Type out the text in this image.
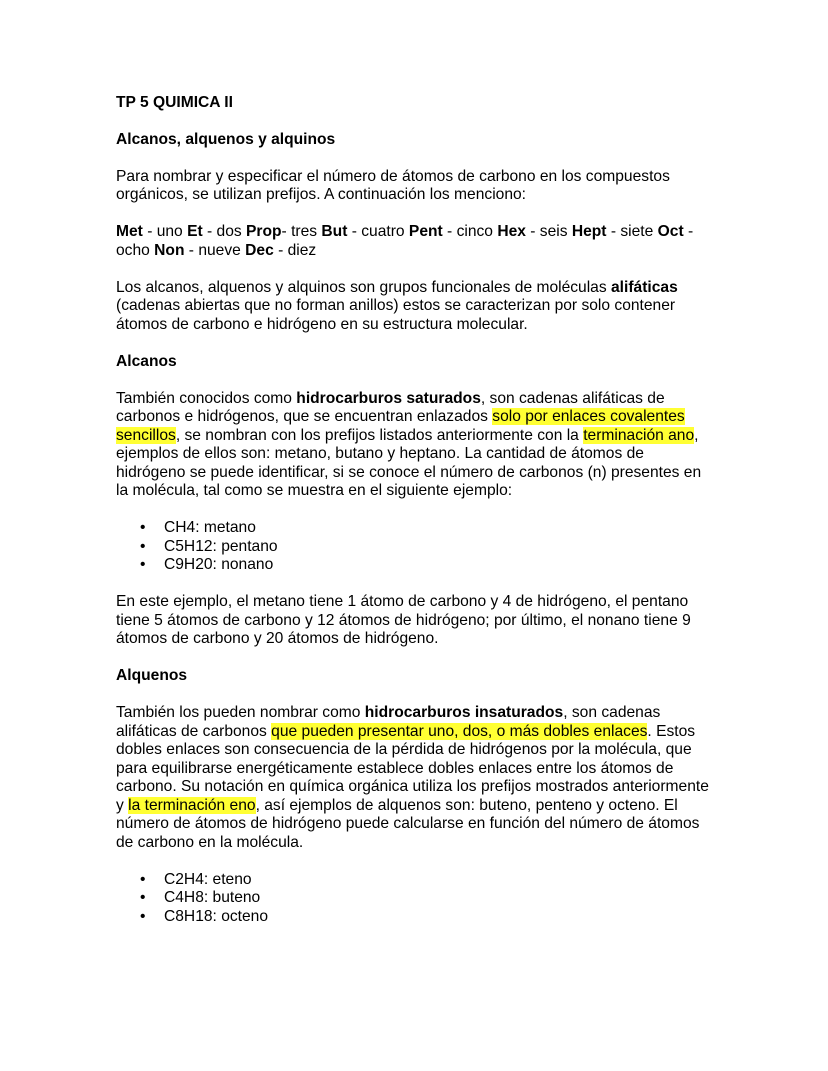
TP 5 QUIMICA II

Alcanos, alquenos y alquinos

Para nombrar y especificar el número de átomos de carbono en los compuestos orgánicos, se utilizan prefijos. A continuación los menciono:

Met - uno Et - dos Prop- tres But - cuatro Pent - cinco Hex - seis Hept - siete Oct - ocho Non - nueve Dec - diez

Los alcanos, alquenos y alquinos son grupos funcionales de moléculas alifáticas (cadenas abiertas que no forman anillos) estos se caracterizan por solo contener átomos de carbono e hidrógeno en su estructura molecular.

Alcanos

También conocidos como hidrocarburos saturados, son cadenas alifáticas de carbonos e hidrógenos, que se encuentran enlazados solo por enlaces covalentes sencillos, se nombran con los prefijos listados anteriormente con la terminación ano, ejemplos de ellos son: metano, butano y heptano. La cantidad de átomos de hidrógeno se puede identificar, si se conoce el número de carbonos (n) presentes en la molécula, tal como se muestra en el siguiente ejemplo:

• CH4: metano
• C5H12: pentano
• C9H20: nonano

En este ejemplo, el metano tiene 1 átomo de carbono y 4 de hidrógeno, el pentano tiene 5 átomos de carbono y 12 átomos de hidrógeno; por último, el nonano tiene 9 átomos de carbono y 20 átomos de hidrógeno.

Alquenos

También los pueden nombrar como hidrocarburos insaturados, son cadenas alifáticas de carbonos que pueden presentar uno, dos, o más dobles enlaces. Estos dobles enlaces son consecuencia de la pérdida de hidrógenos por la molécula, que para equilibrarse energéticamente establece dobles enlaces entre los átomos de carbono. Su notación en química orgánica utiliza los prefijos mostrados anteriormente y la terminación eno, así ejemplos de alquenos son: buteno, penteno y octeno. El número de átomos de hidrógeno puede calcularse en función del número de átomos de carbono en la molécula.

• C2H4: eteno
• C4H8: buteno
• C8H18: octeno
